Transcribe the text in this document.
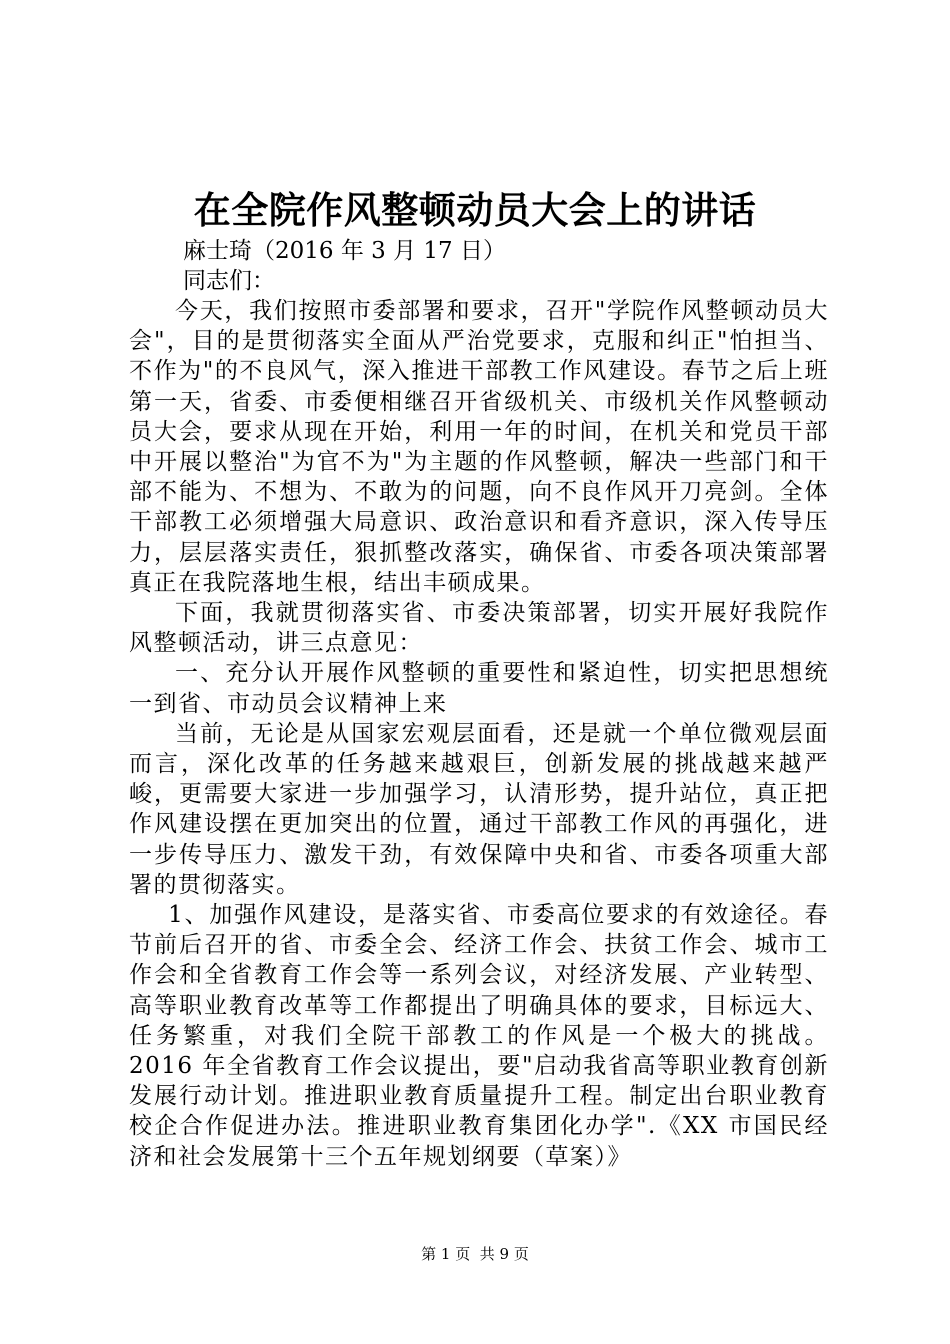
在全院作风整顿动员大会上的讲话
麻士琦（2016 年 3 月 17 日）
同志们：

今天，我们按照市委部署和要求，召开"学院作风整顿动员大会"，目的是贯彻落实全面从严治党要求，克服和纠正"怕担当、不作为"的不良风气，深入推进干部教工作风建设。春节之后上班第一天，省委、市委便相继召开省级机关、市级机关作风整顿动员大会，要求从现在开始，利用一年的时间，在机关和党员干部中开展以整治"为官不为"为主题的作风整顿，解决一些部门和干部不能为、不想为、不敢为的问题，向不良作风开刀亮剑。全体干部教工必须增强大局意识、政治意识和看齐意识，深入传导压力，层层落实责任，狠抓整改落实，确保省、市委各项决策部署真正在我院落地生根，结出丰硕成果。

下面，我就贯彻落实省、市委决策部署，切实开展好我院作风整顿活动，讲三点意见：

一、充分认开展作风整顿的重要性和紧迫性，切实把思想统一到省、市动员会议精神上来

当前，无论是从国家宏观层面看，还是就一个单位微观层面而言，深化改革的任务越来越艰巨，创新发展的挑战越来越严峻，更需要大家进一步加强学习，认清形势，提升站位，真正把作风建设摆在更加突出的位置，通过干部教工作风的再强化，进一步传导压力、激发干劲，有效保障中央和省、市委各项重大部署的贯彻落实。

1、加强作风建设，是落实省、市委高位要求的有效途径。春节前后召开的省、市委全会、经济工作会、扶贫工作会、城市工作会和全省教育工作会等一系列会议，对经济发展、产业转型、高等职业教育改革等工作都提出了明确具体的要求，目标远大、任务繁重，对我们全院干部教工的作风是一个极大的挑战。2016 年全省教育工作会议提出，要"启动我省高等职业教育创新发展行动计划。推进职业教育质量提升工程。制定出台职业教育校企合作促进办法。推进职业教育集团化办学".《XX 市国民经济和社会发展第十三个五年规划纲要（草案）》

第 1 页  共 9 页
